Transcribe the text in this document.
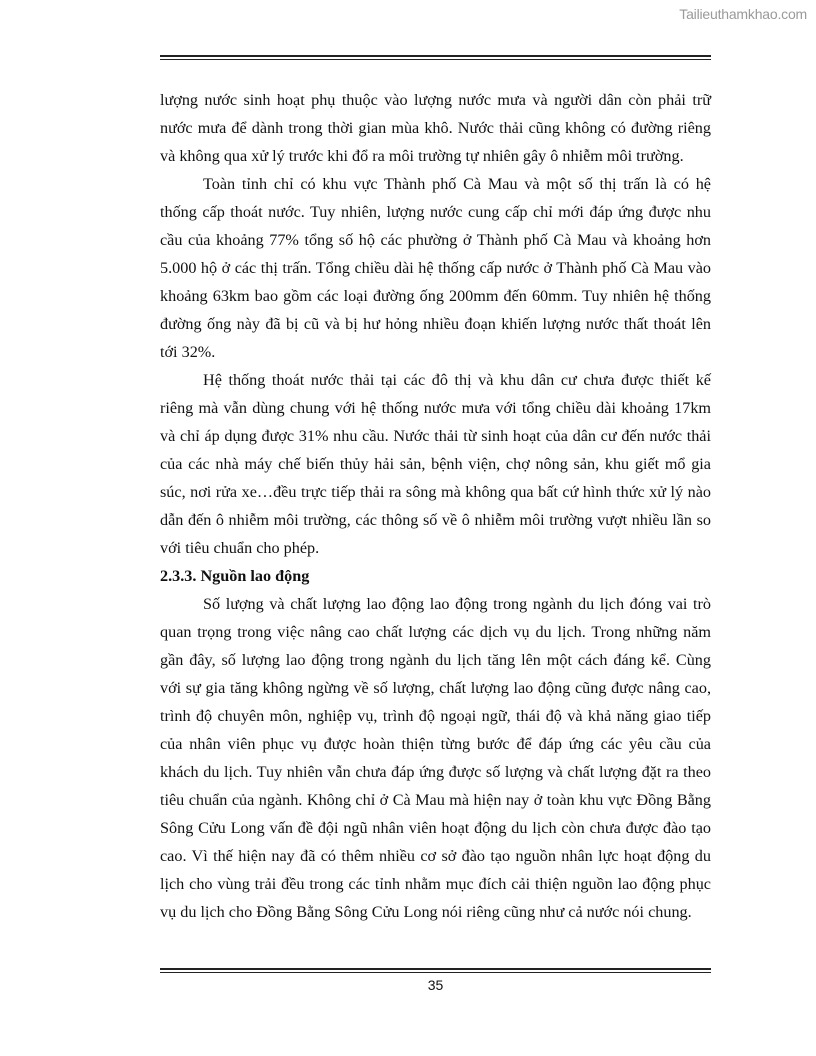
Tailieuthamkhao.com

lượng nước sinh hoạt phụ thuộc vào lượng nước mưa và người dân còn phải trữ

nước mưa để dành trong thời gian mùa khô. Nước thải cũng không có đường riêng

và không qua xử lý trước khi đổ ra môi trường tự nhiên gây ô nhiễm môi trường.

Toàn tỉnh chỉ có khu vực Thành phố Cà Mau và một số thị trấn là có hệ

thống cấp thoát nước. Tuy nhiên, lượng nước cung cấp chỉ mới đáp ứng được nhu

cầu của khoảng 77% tổng số hộ các phường ở Thành phố Cà Mau và khoảng hơn

5.000 hộ ở các thị trấn. Tổng chiều dài hệ thống cấp nước ở Thành phố Cà Mau vào

khoảng 63km bao gồm các loại đường ống 200mm đến 60mm. Tuy nhiên hệ thống

đường ống này đã bị cũ và bị hư hỏng nhiều đoạn khiến lượng nước thất thoát lên

tới 32%.

Hệ thống thoát nước thải tại các đô thị và khu dân cư chưa được thiết kế

riêng mà vẫn dùng chung với hệ thống nước mưa với tổng chiều dài khoảng 17km

và chỉ áp dụng được 31% nhu cầu. Nước thải từ sinh hoạt của dân cư đến nước thải

của các nhà máy chế biến thủy hải sản, bệnh viện, chợ nông sản, khu giết mổ gia

súc, nơi rửa xe…đều trực tiếp thải ra sông mà không qua bất cứ hình thức xử lý nào

dẫn đến ô nhiễm môi trường, các thông số về ô nhiễm môi trường vượt nhiều lần so

với tiêu chuẩn cho phép.

2.3.3. Nguồn lao động

Số lượng và chất lượng lao động lao động trong ngành du lịch đóng vai trò

quan trọng trong việc nâng cao chất lượng các dịch vụ du lịch. Trong những năm

gần đây, số lượng lao động trong ngành du lịch tăng lên một cách đáng kể. Cùng

với sự gia tăng không ngừng về số lượng, chất lượng lao động cũng được nâng cao,

trình độ chuyên môn, nghiệp vụ, trình độ ngoại ngữ, thái độ và khả năng giao tiếp

của nhân viên phục vụ được hoàn thiện từng bước để đáp ứng các yêu cầu của

khách du lịch. Tuy nhiên vẫn chưa đáp ứng được số lượng và chất lượng đặt ra theo

tiêu chuẩn của ngành. Không chỉ ở Cà Mau mà hiện nay ở toàn khu vực Đồng Bằng

Sông Cửu Long vấn đề đội ngũ nhân viên hoạt động du lịch còn chưa được đào tạo

cao. Vì thế hiện nay đã có thêm nhiều cơ sở đào tạo nguồn nhân lực hoạt động du

lịch cho vùng trải đều trong các tỉnh nhằm mục đích cải thiện nguồn lao động phục

vụ du lịch cho Đồng Bằng Sông Cửu Long nói riêng cũng như cả nước nói chung.

35
